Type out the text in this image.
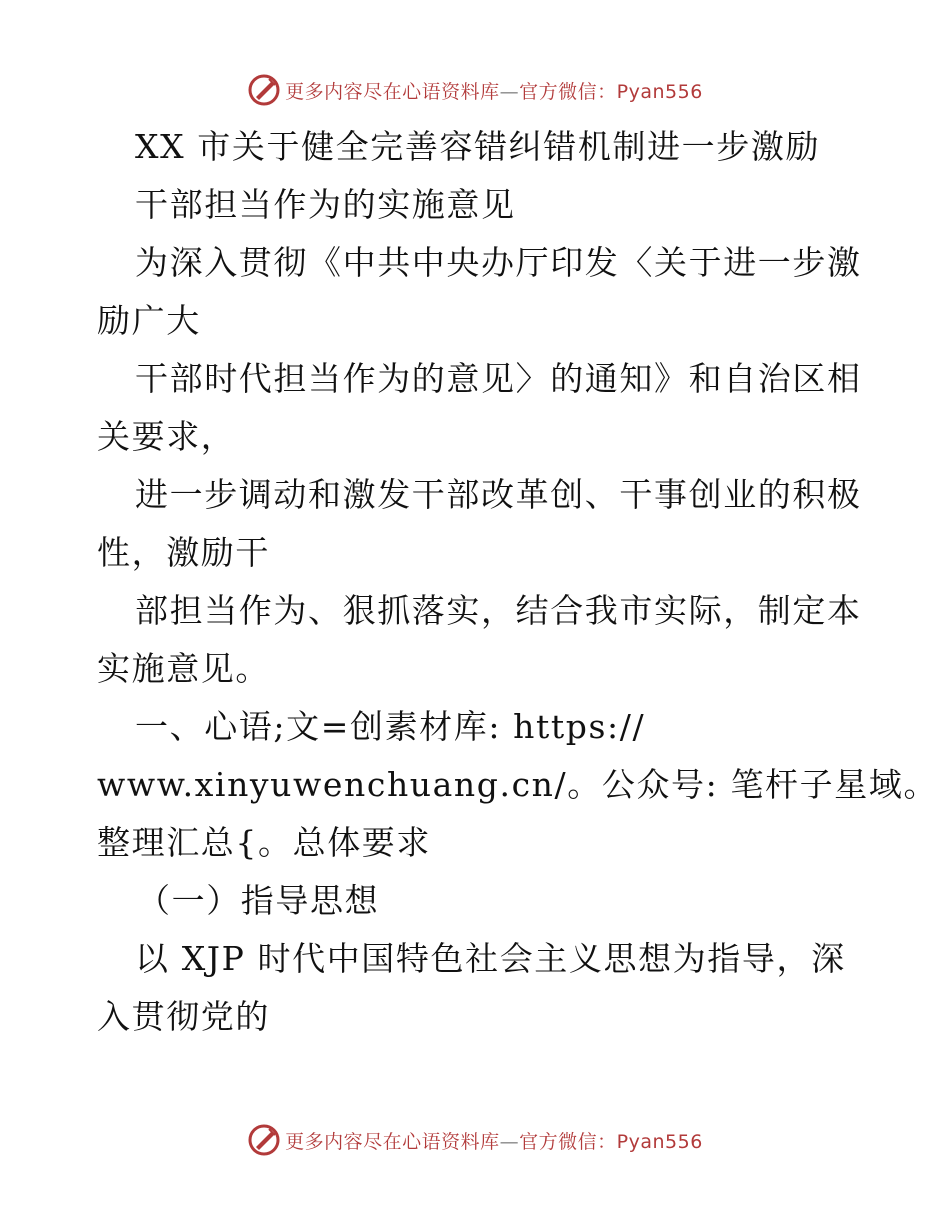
更多内容尽在心语资料库—官方微信：Pyan556
XX 市关于健全完善容错纠错机制进一步激励
干部担当作为的实施意见
为深入贯彻《中共中央办厅印发〈关于进一步激
励广大
干部时代担当作为的意见〉的通知》和自治区相
关要求，
进一步调动和激发干部改革创、干事创业的积极
性，激励干
部担当作为、狠抓落实，结合我市实际，制定本
实施意见。
一、心语;文=创素材库: https://
www.xinyuwenchuang.cn/。公众号: 笔杆子星域。
整理汇总{。总体要求
（一）指导思想
以 XJP 时代中国特色社会主义思想为指导，深
入贯彻党的
更多内容尽在心语资料库—官方微信：Pyan556
